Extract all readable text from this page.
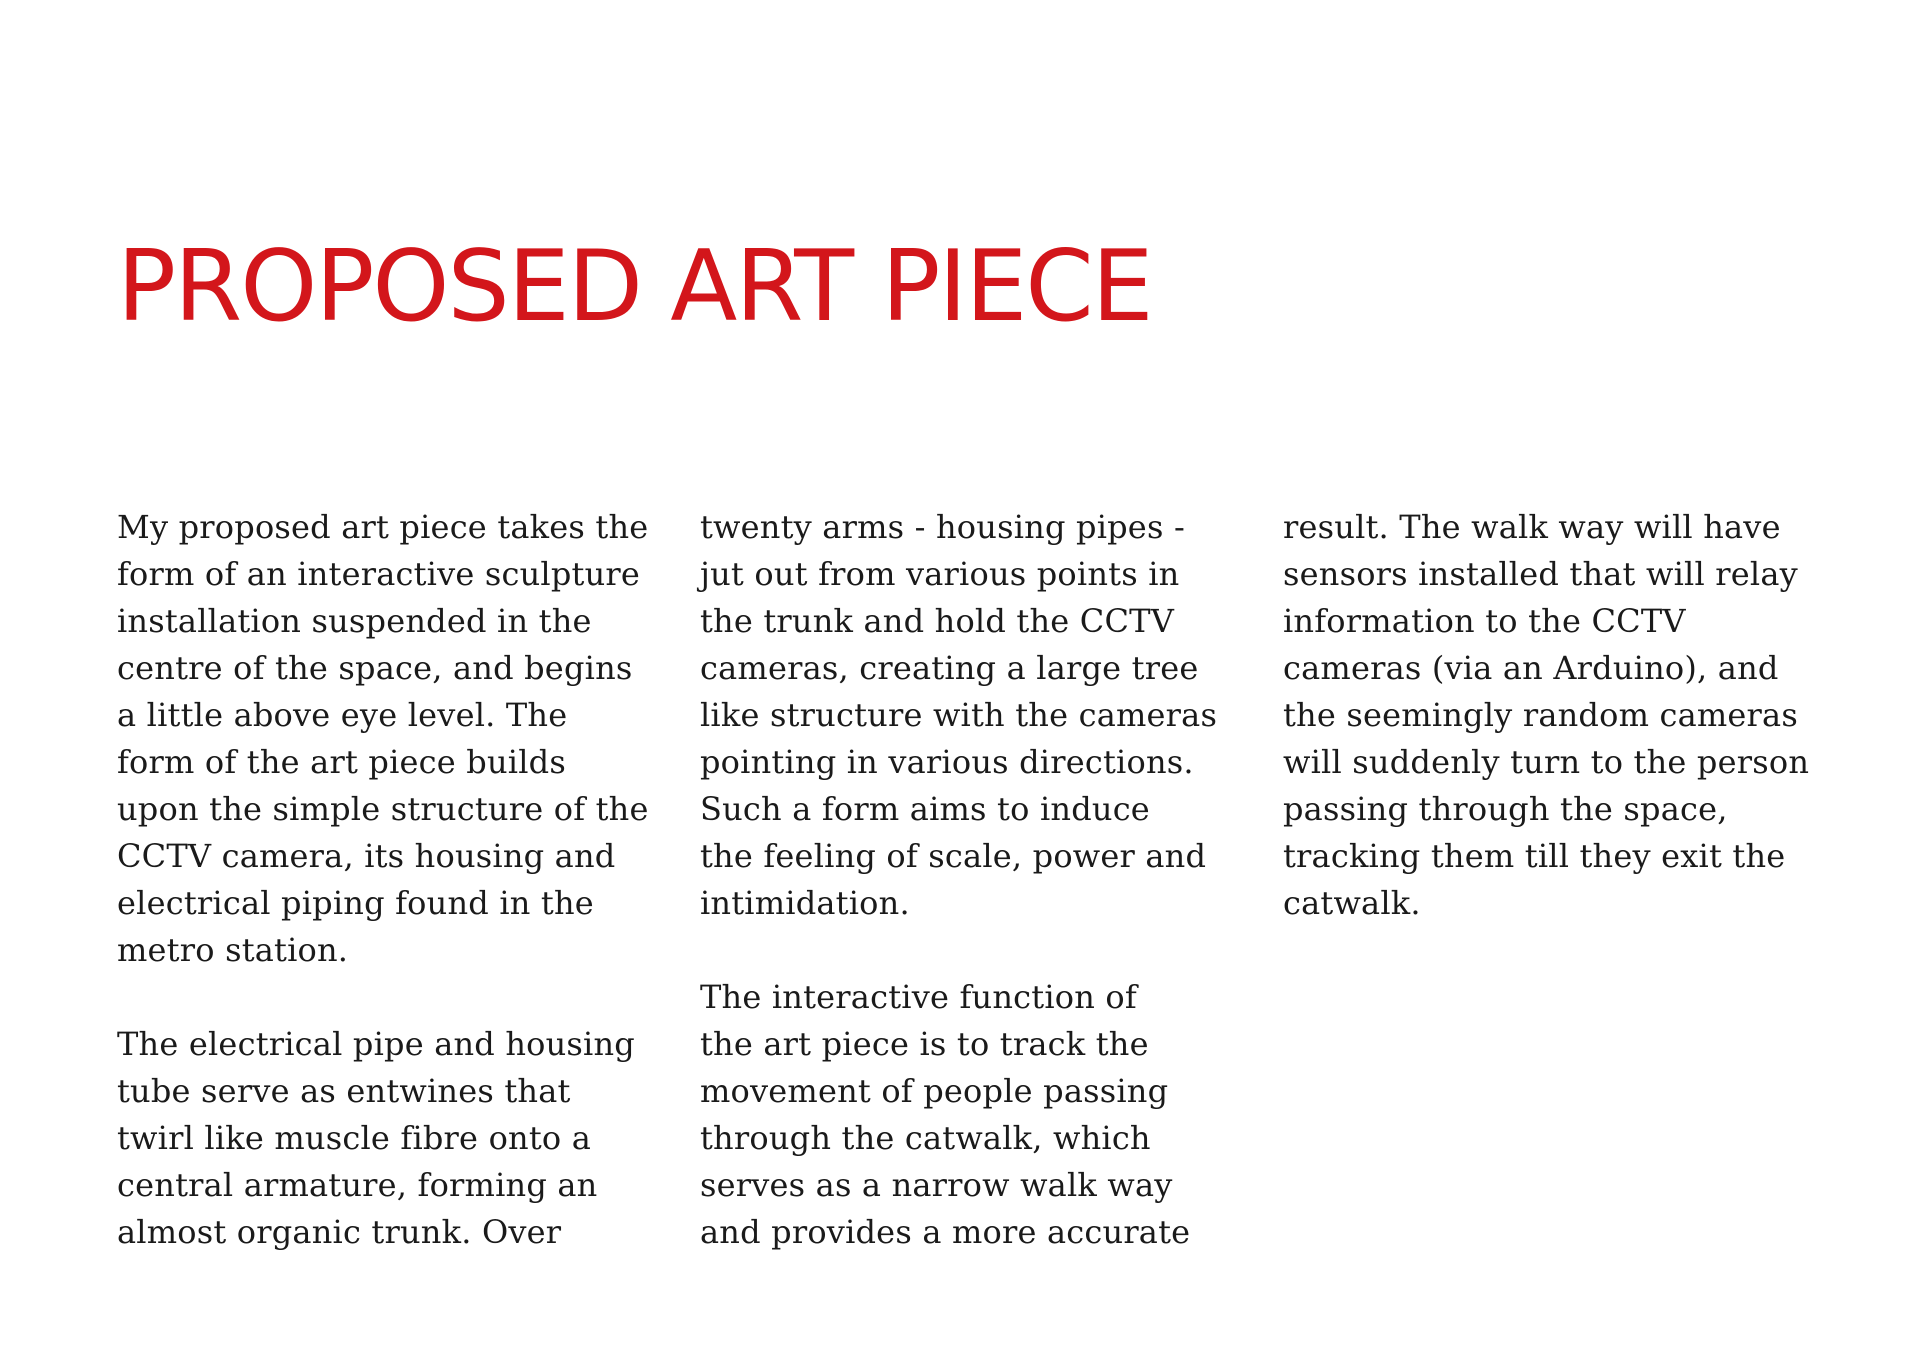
PROPOSED ART PIECE

My proposed art piece takes the
form of an interactive sculpture
installation suspended in the
centre of the space, and begins
a little above eye level. The
form of the art piece builds
upon the simple structure of the
CCTV camera, its housing and
electrical piping found in the
metro station.

The electrical pipe and housing
tube serve as entwines that
twirl like muscle fibre onto a
central armature, forming an
almost organic trunk. Over

twenty arms - housing pipes -
jut out from various points in
the trunk and hold the CCTV
cameras, creating a large tree
like structure with the cameras
pointing in various directions.
Such a form aims to induce
the feeling of scale, power and
intimidation.

The interactive function of
the art piece is to track the
movement of people passing
through the catwalk, which
serves as a narrow walk way
and provides a more accurate

result. The walk way will have
sensors installed that will relay
information to the CCTV
cameras (via an Arduino), and
the seemingly random cameras
will suddenly turn to the person
passing through the space,
tracking them till they exit the
catwalk.
